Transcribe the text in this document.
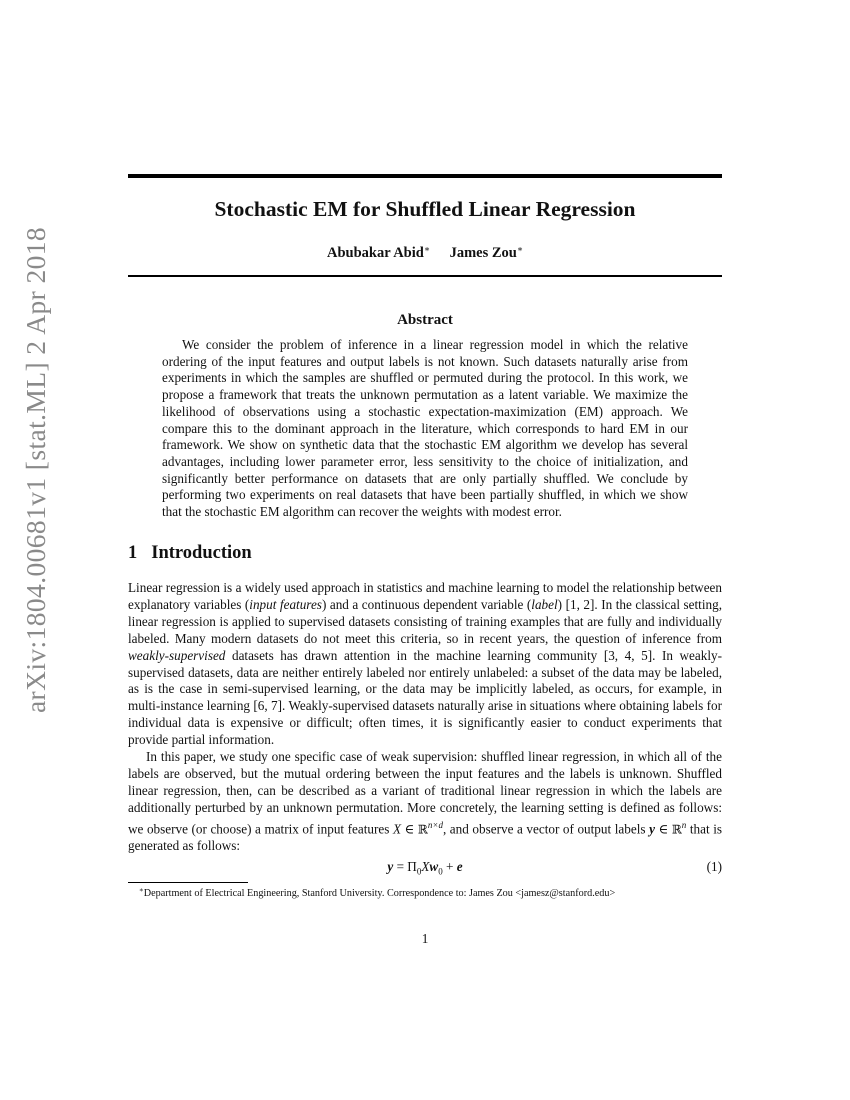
arXiv:1804.00681v1 [stat.ML] 2 Apr 2018
Stochastic EM for Shuffled Linear Regression
Abubakar Abid∗ James Zou∗
Abstract

We consider the problem of inference in a linear regression model in which the relative ordering of the input features and output labels is not known. Such datasets naturally arise from experiments in which the samples are shuffled or permuted during the protocol. In this work, we propose a framework that treats the unknown permutation as a latent variable. We maximize the likelihood of observations using a stochastic expectation-maximization (EM) approach. We compare this to the dominant approach in the literature, which corresponds to hard EM in our framework. We show on synthetic data that the stochastic EM algorithm we develop has several advantages, including lower parameter error, less sensitivity to the choice of initialization, and significantly better performance on datasets that are only partially shuffled. We conclude by performing two experiments on real datasets that have been partially shuffled, in which we show that the stochastic EM algorithm can recover the weights with modest error.

1 Introduction

Linear regression is a widely used approach in statistics and machine learning to model the relationship between explanatory variables (input features) and a continuous dependent variable (label) [1, 2]. In the classical setting, linear regression is applied to supervised datasets consisting of training examples that are fully and individually labeled. Many modern datasets do not meet this criteria, so in recent years, the question of inference from weakly-supervised datasets has drawn attention in the machine learning community [3, 4, 5]. In weakly-supervised datasets, data are neither entirely labeled nor entirely unlabeled: a subset of the data may be labeled, as is the case in semi-supervised learning, or the data may be implicitly labeled, as occurs, for example, in multi-instance learning [6, 7]. Weakly-supervised datasets naturally arise in situations where obtaining labels for individual data is expensive or difficult; often times, it is significantly easier to conduct experiments that provide partial information.

In this paper, we study one specific case of weak supervision: shuffled linear regression, in which all of the labels are observed, but the mutual ordering between the input features and the labels is unknown. Shuffled linear regression, then, can be described as a variant of traditional linear regression in which the labels are additionally perturbed by an unknown permutation. More concretely, the learning setting is defined as follows: we observe (or choose) a matrix of input features X ∈ ℝ$^{n\times d}$, and observe a vector of output labels y ∈ ℝ$^n$ that is generated as follows:

$y = \Pi_0Xw_0 + e$	(1)
∗Department of Electrical Engineering, Stanford University. Correspondence to: James Zou <jamesz@stanford.edu>
1
